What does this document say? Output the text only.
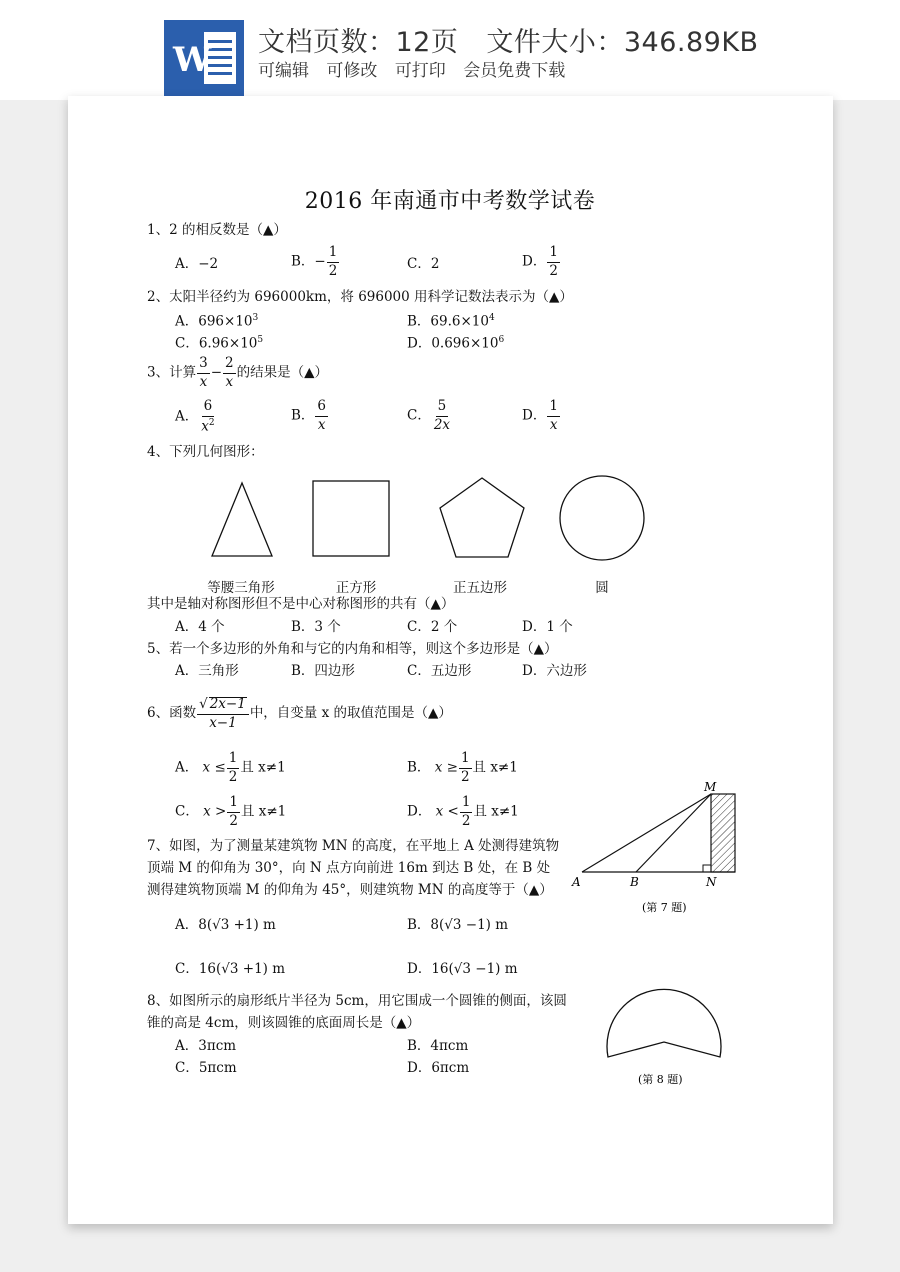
W 文档页数：12页 文件大小：346.89KB
可编辑 可修改 可打印 会员免费下载
2016 年南通市中考数学试卷
1、2 的相反数是（▲）
A．−2	B．− $\frac{1}{2}$	C．2	D． $\frac{1}{2}$
2、太阳半径约为 696000km，将 696000 用科学记数法表示为（▲）
A．$696\times 10^3$	B．$69.6\times 10^4$
C．$6.96\times 10^5$	D．$0.696\times 10^6$
3、计算 $\frac{3}{x} - \frac{2}{x}$ 的结果是（▲）
A． $\frac{6}{x^2}$	B． $\frac{6}{x}$	C． $\frac{5}{2x}$	D． $\frac{1}{x}$
4、下列几何图形：
等腰三角形	正方形	正五边形	圆
其中是轴对称图形但不是中心对称图形的共有（▲）
A．4 个	B．3 个	C．2 个	D．1 个
5、若一个多边形的外角和与它的内角和相等，则这个多边形是（▲）
A．三角形	B．四边形	C．五边形	D．六边形
6、函数 $\frac{√ 2x-1}{x-1}$ 中，自变量 x 的取值范围是（▲）
A． $x \le \frac{1}{2}$ 且 x≠1	B． $x \ge \frac{1}{2}$ 且 x≠1
C． $x > \frac{1}{2}$ 且 x≠1	D． $x < \frac{1}{2}$ 且 x≠1
7、如图，为了测量某建筑物 MN 的高度，在平地上 A 处测得建筑物
顶端 M 的仰角为 30°，向 N 点方向前进 16m 到达 B 处，在 B 处
测得建筑物顶端 M 的仰角为 45°，则建筑物 MN 的高度等于（▲）
A．8(√3 +1) m	B．8(√3 −1) m
C．16(√3 +1) m	D．16(√3 −1) m
M
A	B	N
(第 7 题)
8、如图所示的扇形纸片半径为 5cm，用它围成一个圆锥的侧面，该圆
锥的高是 4cm，则该圆锥的底面周长是（▲）
A．3πcm	B．4πcm
C．5πcm	D．6πcm
(第 8 题)
